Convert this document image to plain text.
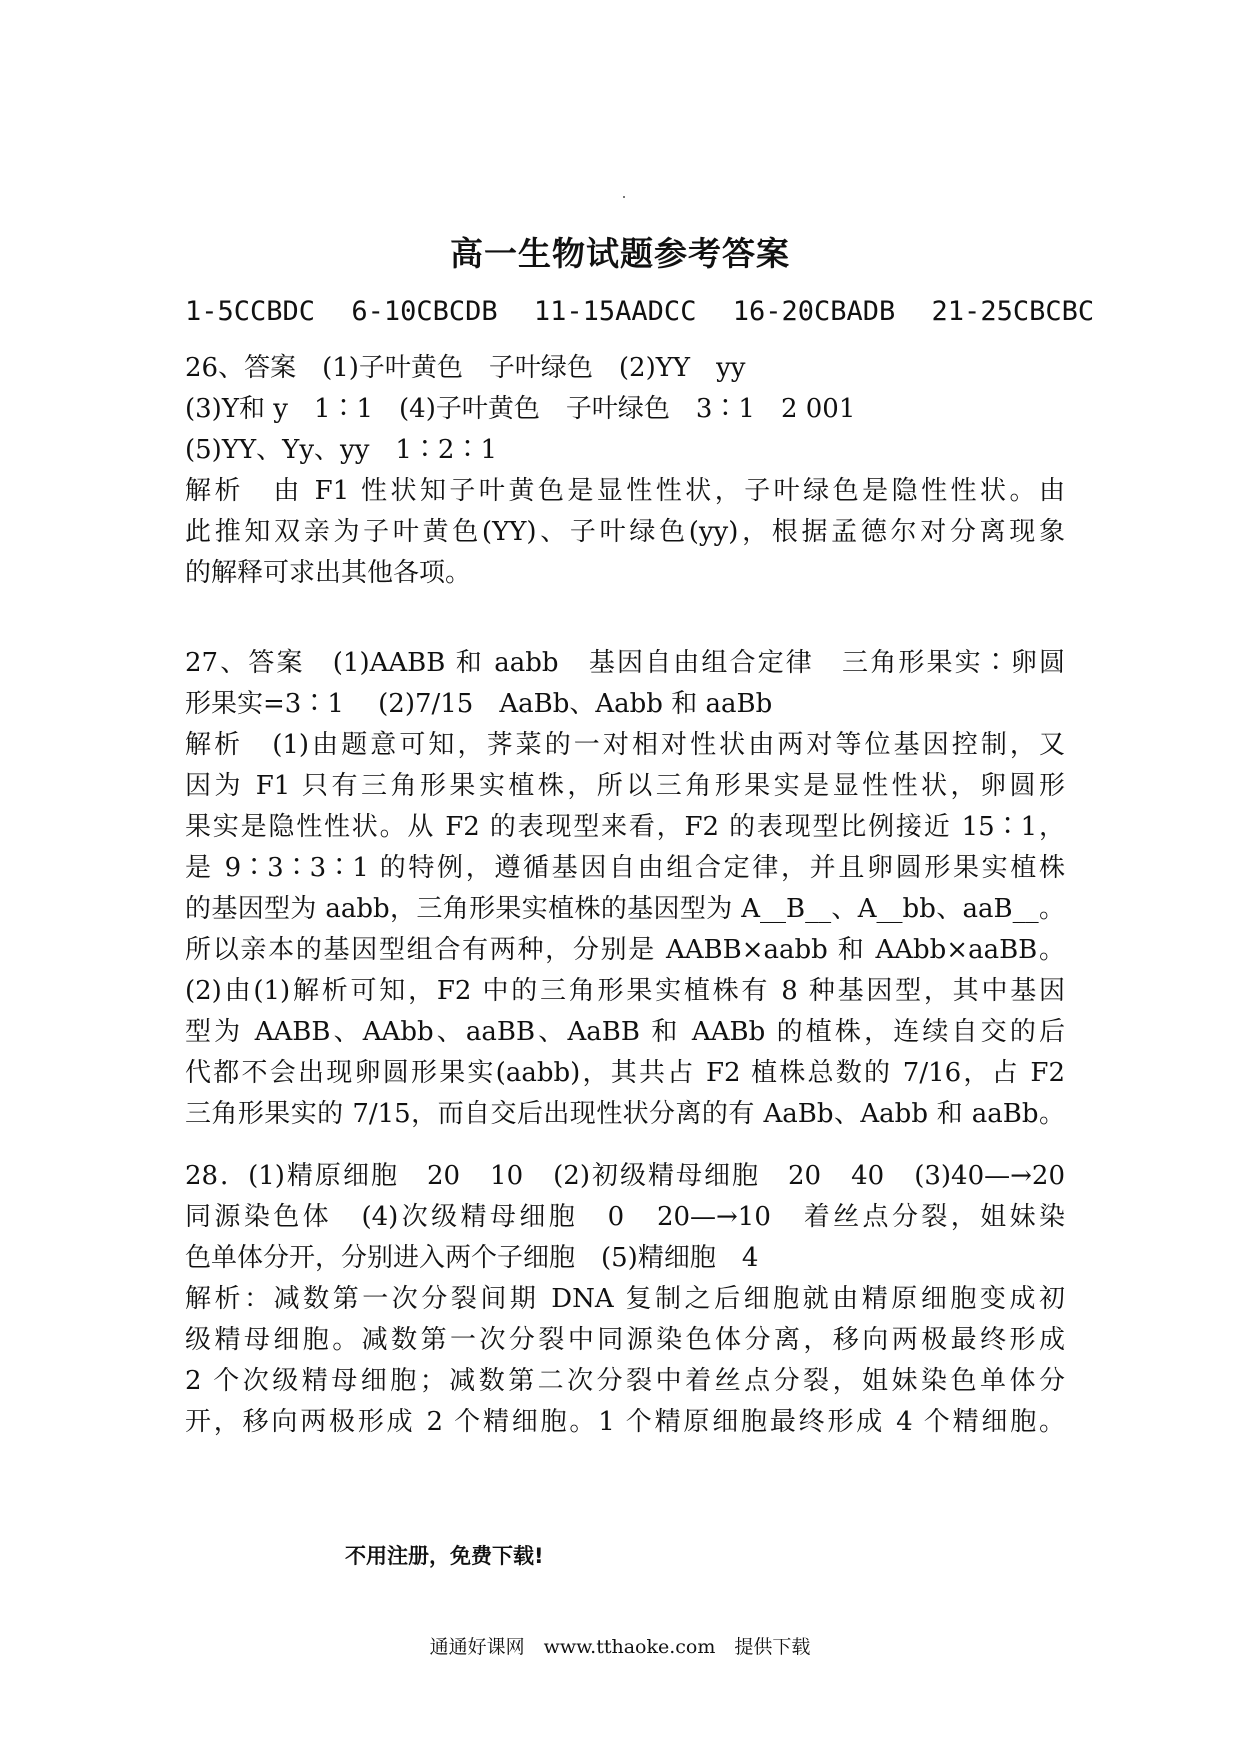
高一生物试题参考答案
1-5CCBDC 6-10CBCDB 11-15AADCC 16-20CBADB 21-25CBCBC

26、答案　(1)子叶黄色　子叶绿色　(2)YY　yy

(3)Y和 y　1∶1　(4)子叶黄色　子叶绿色　3∶1　2 001

(5)YY、Yy、yy　1∶2∶1

解析　由 F1 性状知子叶黄色是显性性状，子叶绿色是隐性性状。由

此推知双亲为子叶黄色(YY)、子叶绿色(yy)，根据孟德尔对分离现象

的解释可求出其他各项。

27、答案　(1)AABB 和 aabb　基因自由组合定律　三角形果实∶卵圆

形果实=3∶1　 (2)7/15　AaBb、Aabb 和 aaBb

解析　(1)由题意可知，荠菜的一对相对性状由两对等位基因控制，又

因为 F1 只有三角形果实植株，所以三角形果实是显性性状，卵圆形

果实是隐性性状。从 F2 的表现型来看，F2 的表现型比例接近 15∶1，

是 9∶3∶3∶1 的特例，遵循基因自由组合定律，并且卵圆形果实植株

的基因型为 aabb，三角形果实植株的基因型为 A__B__、A__bb、aaB__。

所以亲本的基因型组合有两种，分别是 AABB×aabb 和 AAbb×aaBB。

(2)由(1)解析可知，F2 中的三角形果实植株有 8 种基因型，其中基因

型为 AABB、AAbb、aaBB、AaBB 和 AABb 的植株，连续自交的后

代都不会出现卵圆形果实(aabb)，其共占 F2 植株总数的 7/16，占 F2

三角形果实的 7/15，而自交后出现性状分离的有 AaBb、Aabb 和 aaBb。

28．(1)精原细胞　20　10　(2)初级精母细胞　20　40　(3)40—→20

同源染色体　(4)次级精母细胞　0　20—→10　着丝点分裂，姐妹染

色单体分开，分别进入两个子细胞　(5)精细胞　4

解析：减数第一次分裂间期 DNA 复制之后细胞就由精原细胞变成初

级精母细胞。减数第一次分裂中同源染色体分离，移向两极最终形成

2 个次级精母细胞；减数第二次分裂中着丝点分裂，姐妹染色单体分

开，移向两极形成 2 个精细胞。1 个精原细胞最终形成 4 个精细胞。

不用注册，免费下载!
通通好课网　www.tthaoke.com　提供下载
